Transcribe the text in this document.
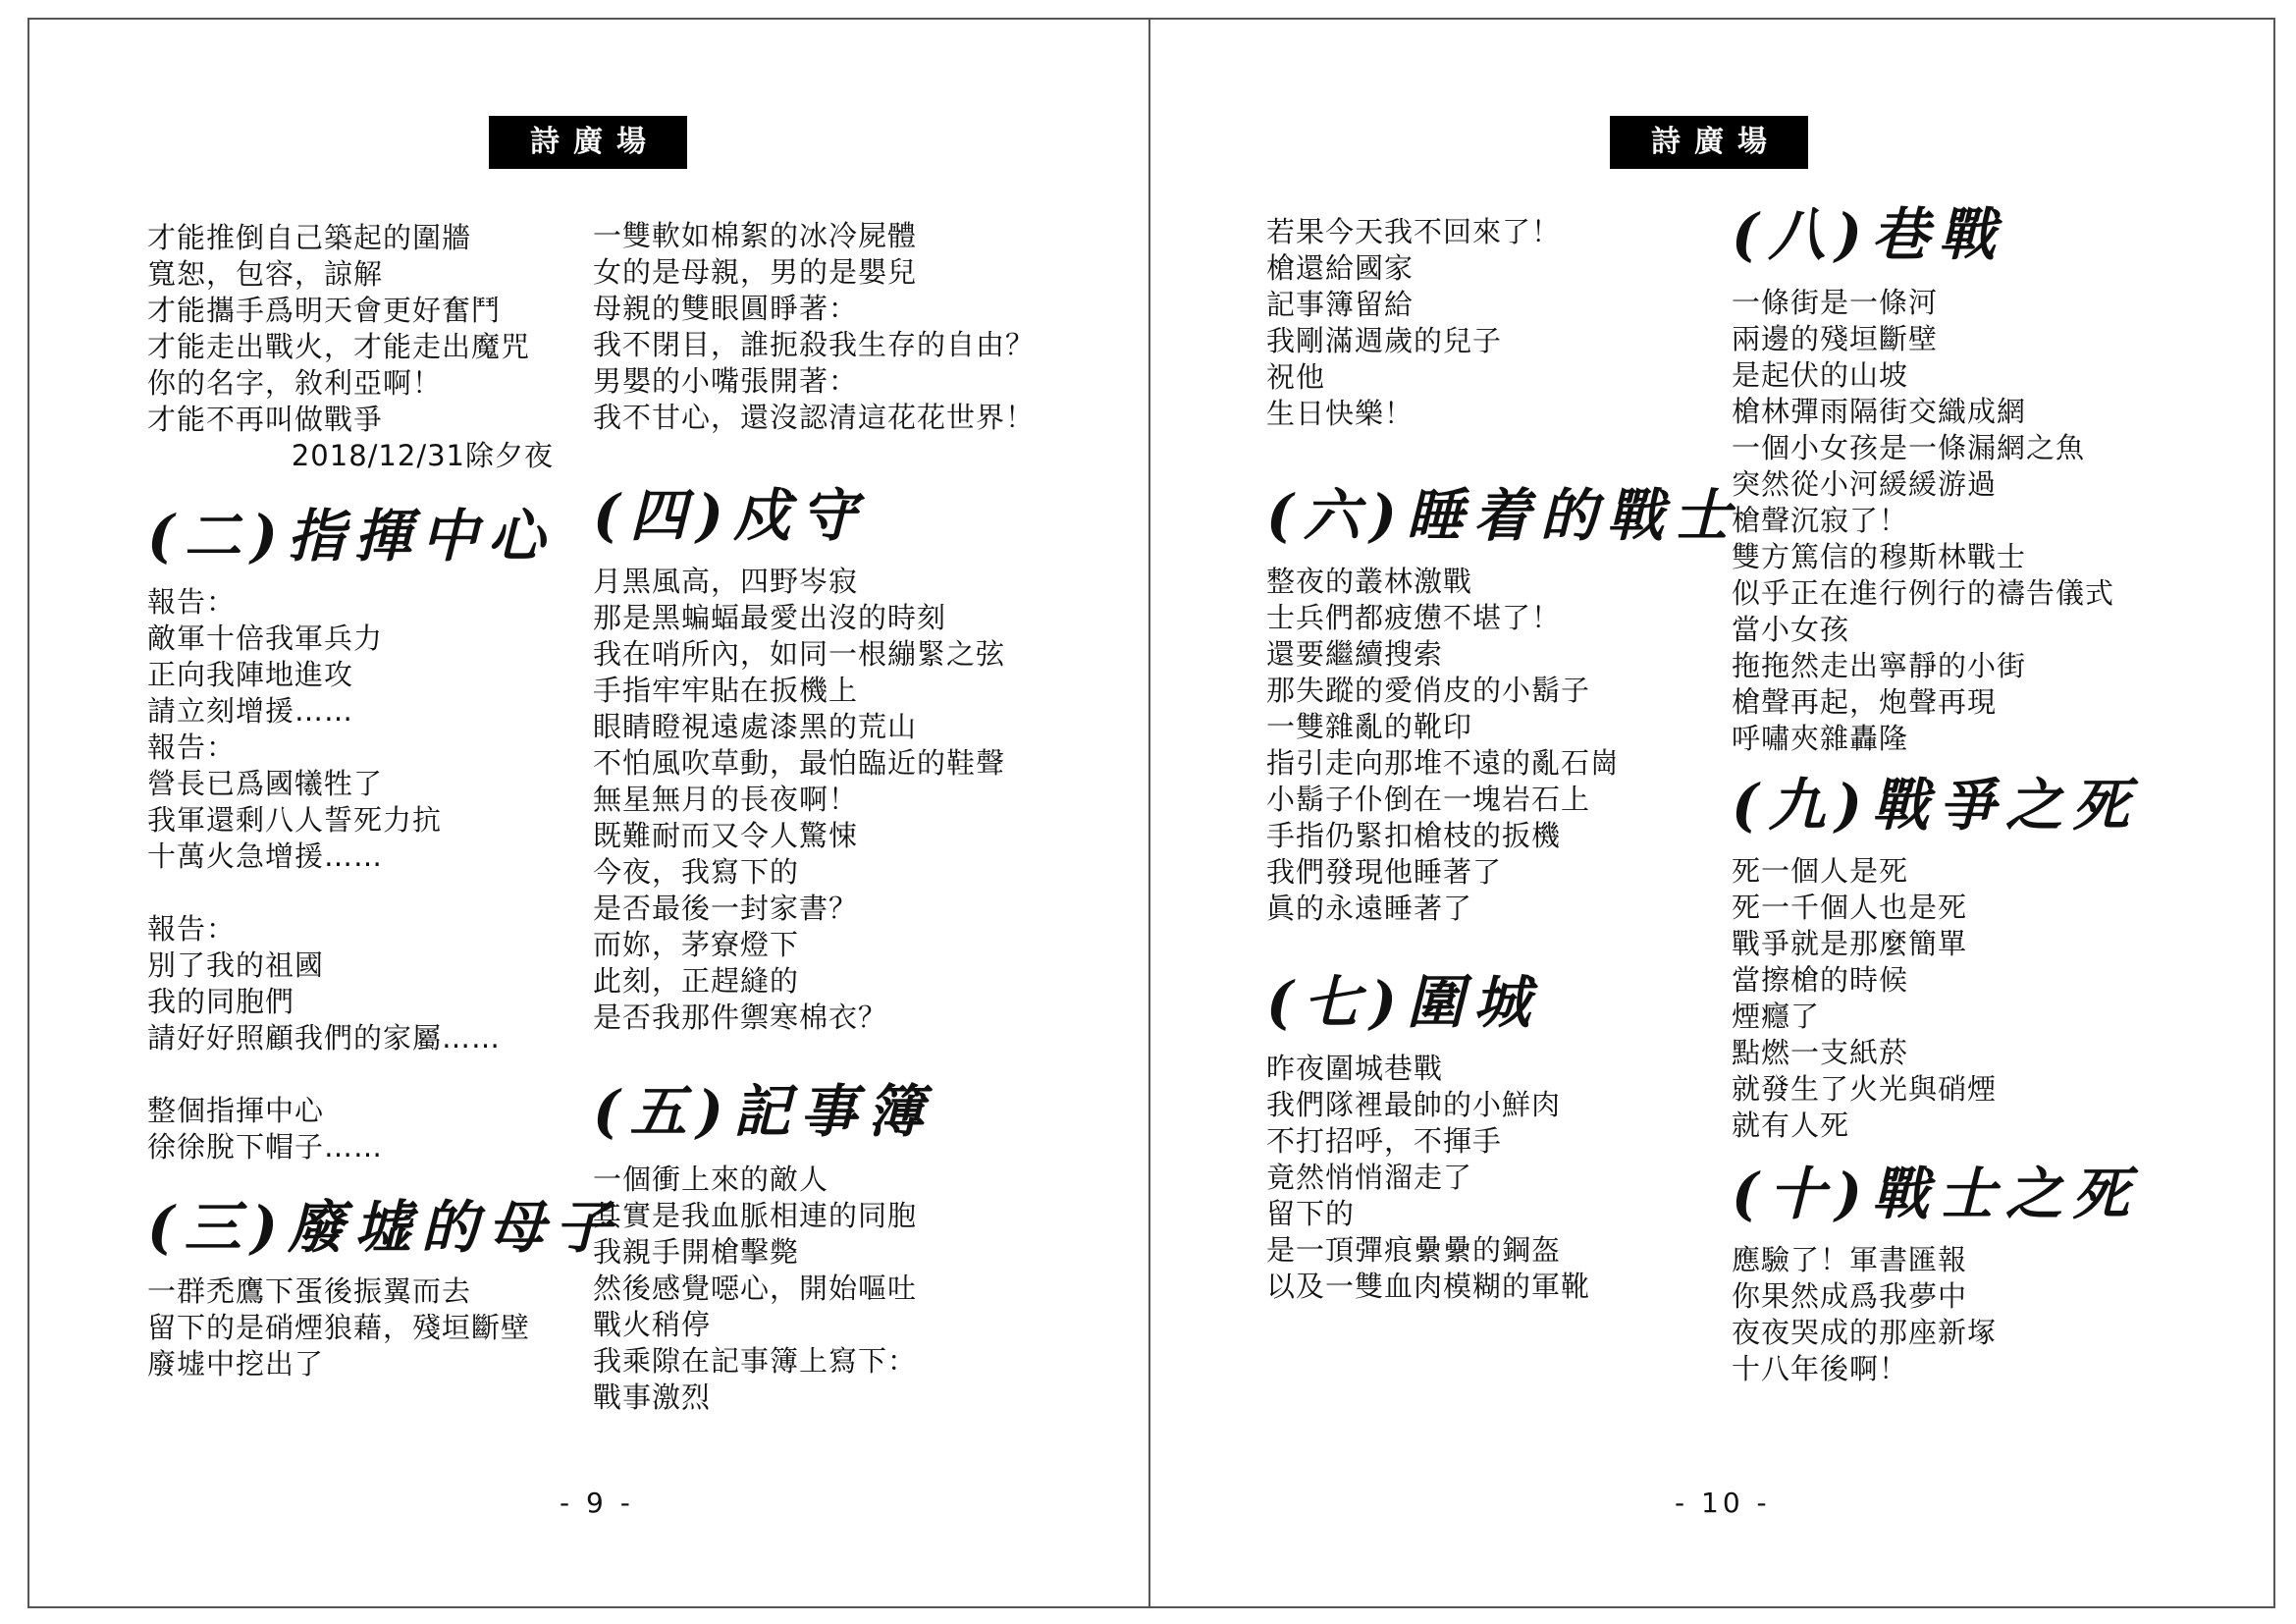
詩廣場
才能推倒自己築起的圍牆
寬恕，包容，諒解
才能攜手爲明天會更好奮鬥
才能走出戰火，才能走出魔咒
你的名字，敘利亞啊！
才能不再叫做戰爭
2018/12/31除夕夜
(二)指揮中心
報告：
敵軍十倍我軍兵力
正向我陣地進攻
請立刻增援……
報告：
營長已爲國犧牲了
我軍還剩八人誓死力抗
十萬火急增援……
報告：
別了我的祖國
我的同胞們
請好好照顧我們的家屬……
整個指揮中心
徐徐脫下帽子……
(三)廢墟的母子
一群禿鷹下蛋後振翼而去
留下的是硝煙狼藉，殘垣斷壁
廢墟中挖出了
一雙軟如棉絮的冰冷屍體
女的是母親，男的是嬰兒
母親的雙眼圓睜著：
我不閉目，誰扼殺我生存的自由？
男嬰的小嘴張開著：
我不甘心，還沒認清這花花世界！
(四)戍守
月黑風高，四野岑寂
那是黑蝙蝠最愛出沒的時刻
我在哨所內，如同一根繃緊之弦
手指牢牢貼在扳機上
眼睛瞪視遠處漆黑的荒山
不怕風吹草動，最怕臨近的鞋聲
無星無月的長夜啊！
既難耐而又令人驚悚
今夜，我寫下的
是否最後一封家書？
而妳，茅寮燈下
此刻，正趕縫的
是否我那件禦寒棉衣？
(五)記事簿
一個衝上來的敵人
其實是我血脈相連的同胞
我親手開槍擊斃
然後感覺噁心，開始嘔吐
戰火稍停
我乘隙在記事簿上寫下：
戰事激烈
- 9 -
詩廣場
若果今天我不回來了！
槍還給國家
記事簿留給
我剛滿週歲的兒子
祝他
生日快樂！
(六)睡着的戰士
整夜的叢林激戰
士兵們都疲憊不堪了！
還要繼續搜索
那失蹤的愛俏皮的小鬍子
一雙雜亂的靴印
指引走向那堆不遠的亂石崗
小鬍子仆倒在一塊岩石上
手指仍緊扣槍枝的扳機
我們發現他睡著了
眞的永遠睡著了
(七)圍城
昨夜圍城巷戰
我們隊裡最帥的小鮮肉
不打招呼，不揮手
竟然悄悄溜走了
留下的
是一頂彈痕纍纍的鋼盔
以及一雙血肉模糊的軍靴
(八)巷戰
一條街是一條河
兩邊的殘垣斷壁
是起伏的山坡
槍林彈雨隔街交織成網
一個小女孩是一條漏網之魚
突然從小河緩緩游過
槍聲沉寂了！
雙方篤信的穆斯林戰士
似乎正在進行例行的禱告儀式
當小女孩
拖拖然走出寧靜的小街
槍聲再起，炮聲再現
呼嘯夾雜轟隆
(九)戰爭之死
死一個人是死
死一千個人也是死
戰爭就是那麼簡單
當擦槍的時候
煙癮了
點燃一支紙菸
就發生了火光與硝煙
就有人死
(十)戰士之死
應驗了！軍書匯報
你果然成爲我夢中
夜夜哭成的那座新塚
十八年後啊！
- 10 -
